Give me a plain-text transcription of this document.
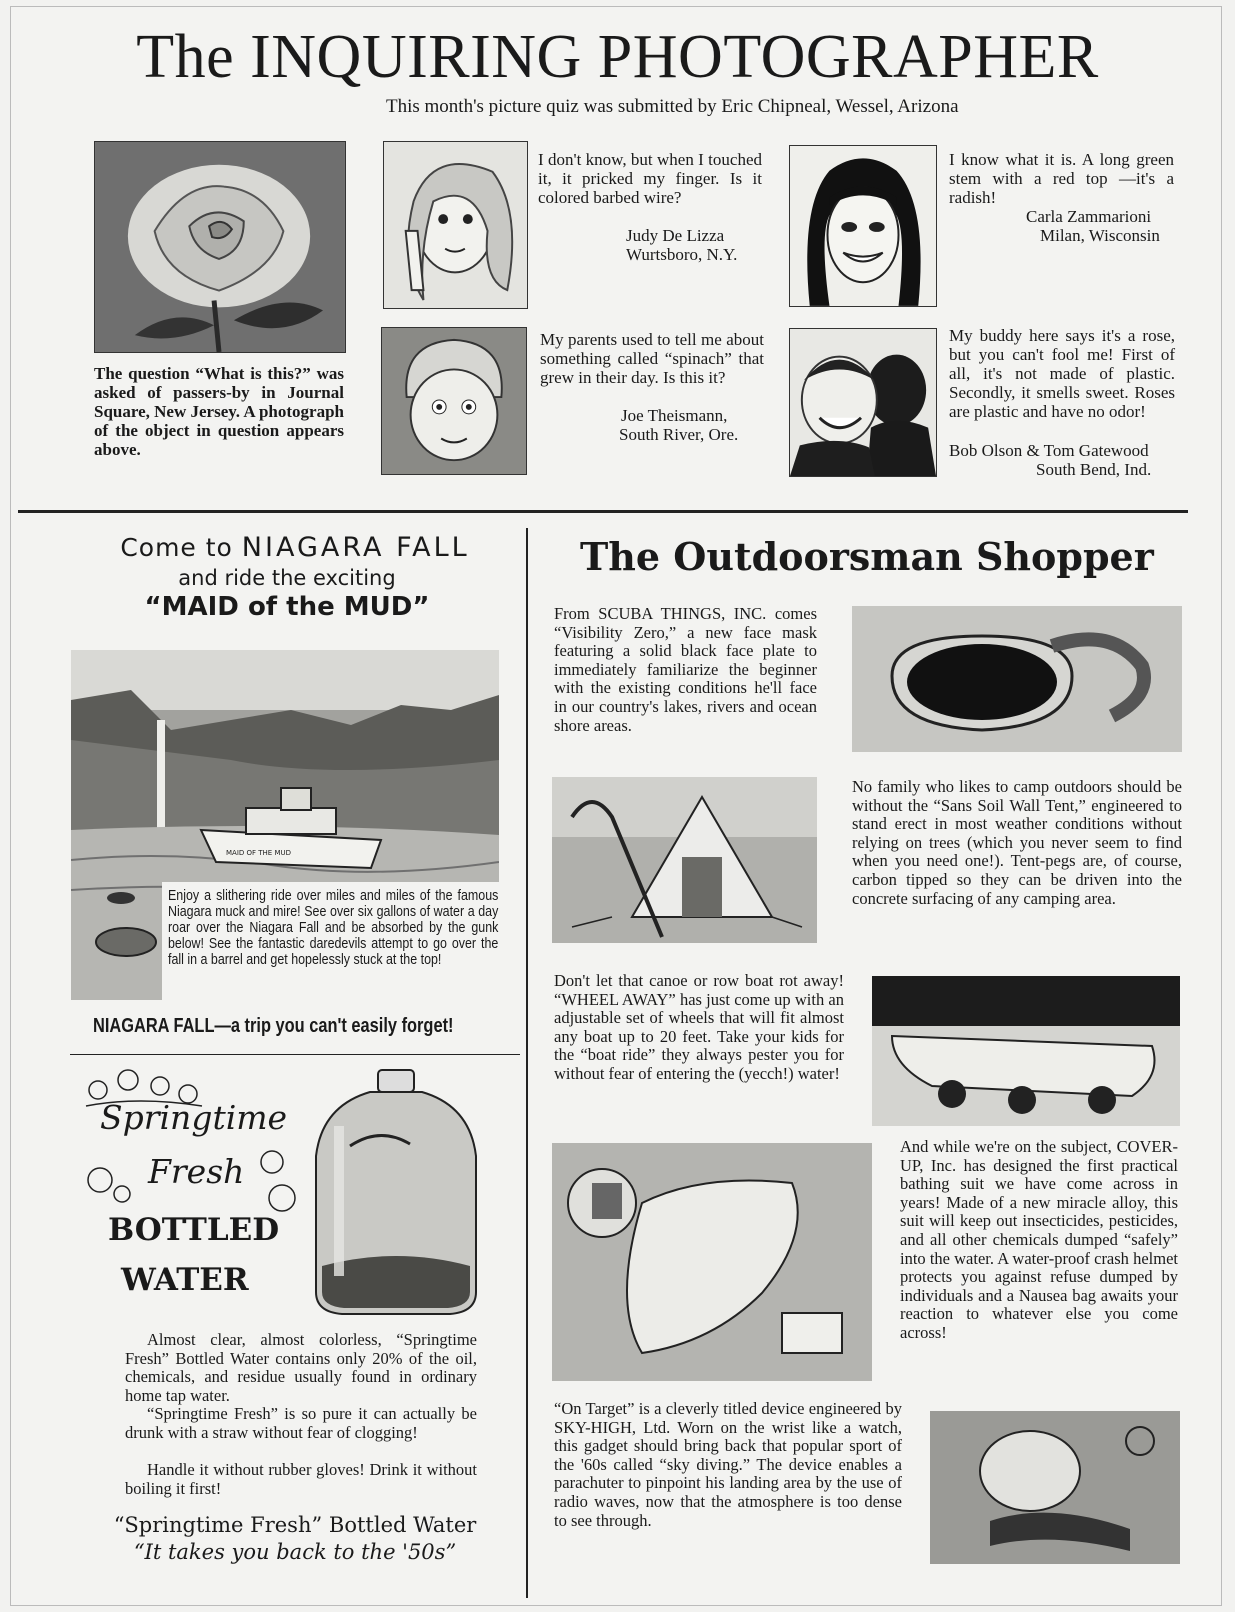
The INQUIRING PHOTOGRAPHER
This month's picture quiz was submitted by Eric Chipneal, Wessel, Arizona
The question “What is this?” was asked of passers-by in Journal Square, New Jersey. A photograph of the object in question appears above.
I don't know, but when I touched it, it pricked my finger. Is it colored barbed wire?
Judy De Lizza
Wurtsboro, N.Y.
I know what it is. A long green stem with a red top —it's a radish!
Carla Zammarioni
Milan, Wisconsin
My parents used to tell me about something called “spinach” that grew in their day. Is this it?
Joe Theismann,
South River, Ore.
My buddy here says it's a rose, but you can't fool me! First of all, it's not made of plastic. Secondly, it smells sweet. Roses are plastic and have no odor!
Bob Olson & Tom Gatewood
South Bend, Ind.
Come to NIAGARA FALL
and ride the exciting
“MAID of the MUD”
MAID OF THE MUD
Enjoy a slithering ride over miles and miles of the famous Niagara muck and mire! See over six gallons of water a day roar over the Niagara Fall and be absorbed by the gunk below! See the fantastic daredevils attempt to go over the fall in a barrel and get hopelessly stuck at the top!
NIAGARA FALL—a trip you can't easily forget!
Springtime
Fresh
BOTTLED
WATER
Almost clear, almost colorless, “Springtime Fresh” Bottled Water contains only 20% of the oil, chemicals, and residue usually found in ordinary home tap water.
“Springtime Fresh” is so pure it can actually be drunk with a straw without fear of clogging!
Handle it without rubber gloves! Drink it without boiling it first!
“Springtime Fresh” Bottled Water
“It takes you back to the '50s”
The Outdoorsman Shopper
From SCUBA THINGS, INC. comes “Visibility Zero,” a new face mask featuring a solid black face plate to immediately familiarize the beginner with the existing conditions he'll face in our country's lakes, rivers and ocean shore areas.
No family who likes to camp outdoors should be without the “Sans Soil Wall Tent,” engineered to stand erect in most weather conditions without relying on trees (which you never seem to find when you need one!). Tent-pegs are, of course, carbon tipped so they can be driven into the concrete surfacing of any camping area.
Don't let that canoe or row boat rot away! “WHEEL AWAY” has just come up with an adjustable set of wheels that will fit almost any boat up to 20 feet. Take your kids for the “boat ride” they always pester you for without fear of entering the (yecch!) water!
And while we're on the subject, COVER-UP, Inc. has designed the first practical bathing suit we have come across in years! Made of a new miracle alloy, this suit will keep out insecticides, pesticides, and all other chemicals dumped “safely” into the water. A water-proof crash helmet protects you against refuse dumped by individuals and a Nausea bag awaits your reaction to whatever else you come across!
“On Target” is a cleverly titled device engineered by SKY-HIGH, Ltd. Worn on the wrist like a watch, this gadget should bring back that popular sport of the '60s called “sky diving.” The device enables a parachuter to pinpoint his landing area by the use of radio waves, now that the atmosphere is too dense to see through.
